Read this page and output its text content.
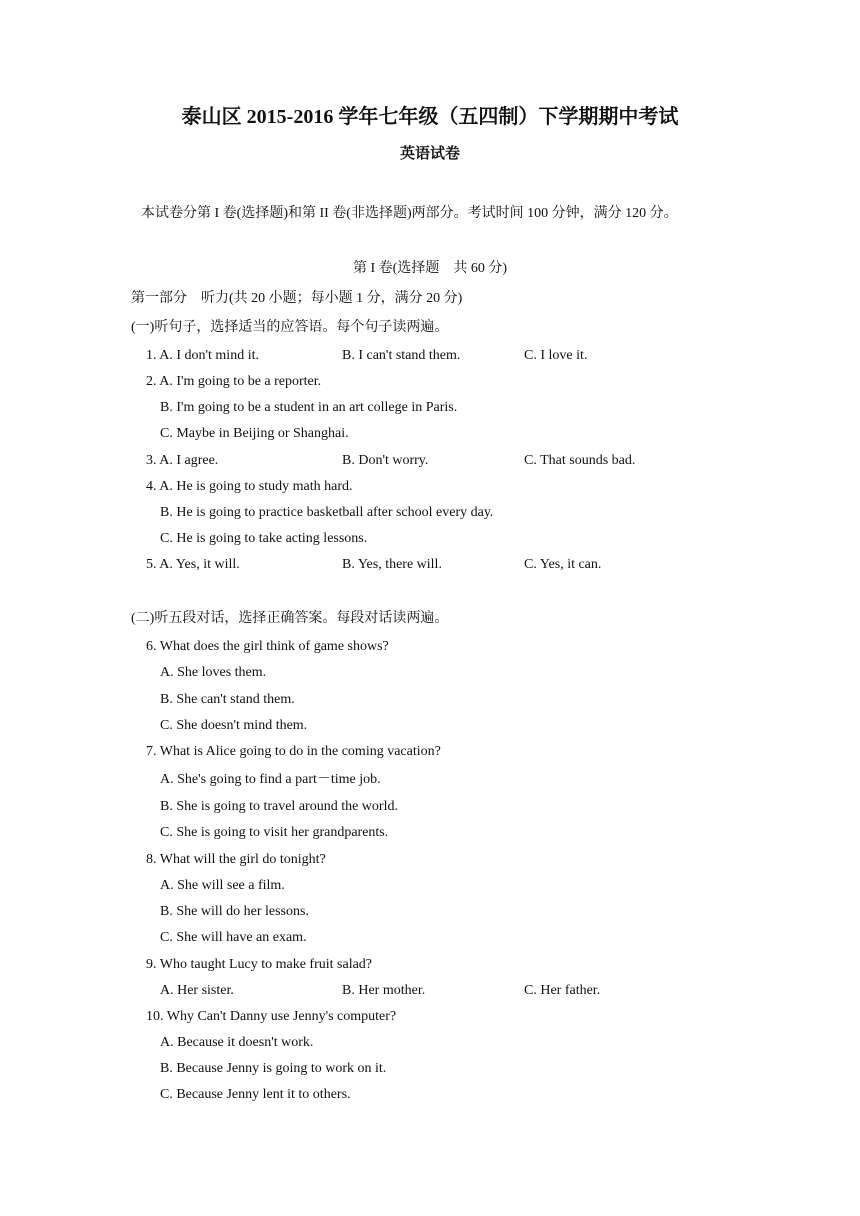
泰山区 2015-2016 学年七年级（五四制）下学期期中考试
英语试卷
本试卷分第 I 卷(选择题)和第 II 卷(非选择题)两部分。考试时间 100 分钟，满分 120 分。
第 I 卷(选择题　共 60 分)
第一部分　听力(共 20 小题；每小题 1 分，满分 20 分)
(一)听句子，选择适当的应答语。每个句子读两遍。
1. A. I don't mind it.	B. I can't stand them.	C. I love it.
2. A. I'm going to be a reporter.
B. I'm going to be a student in an art college in Paris.
C. Maybe in Beijing or Shanghai.
3. A. I agree.	B. Don't worry.	C. That sounds bad.
4. A. He is going to study math hard.
B. He is going to practice basketball after school every day.
C. He is going to take acting lessons.
5. A. Yes, it will.	B. Yes, there will.	C. Yes, it can.
(二)听五段对话，选择正确答案。每段对话读两遍。
6. What does the girl think of game shows?
A. She loves them.
B. She can't stand them.
C. She doesn't mind them.
7. What is Alice going to do in the coming vacation?
A. She's going to find a part－time job.
B. She is going to travel around the world.
C. She is going to visit her grandparents.
8. What will the girl do tonight?
A. She will see a film.
B. She will do her lessons.
C. She will have an exam.
9. Who taught Lucy to make fruit salad?
A. Her sister.	B. Her mother.	C. Her father.
10. Why Can't Danny use Jenny's computer?
A. Because it doesn't work.
B. Because Jenny is going to work on it.
C. Because Jenny lent it to others.
